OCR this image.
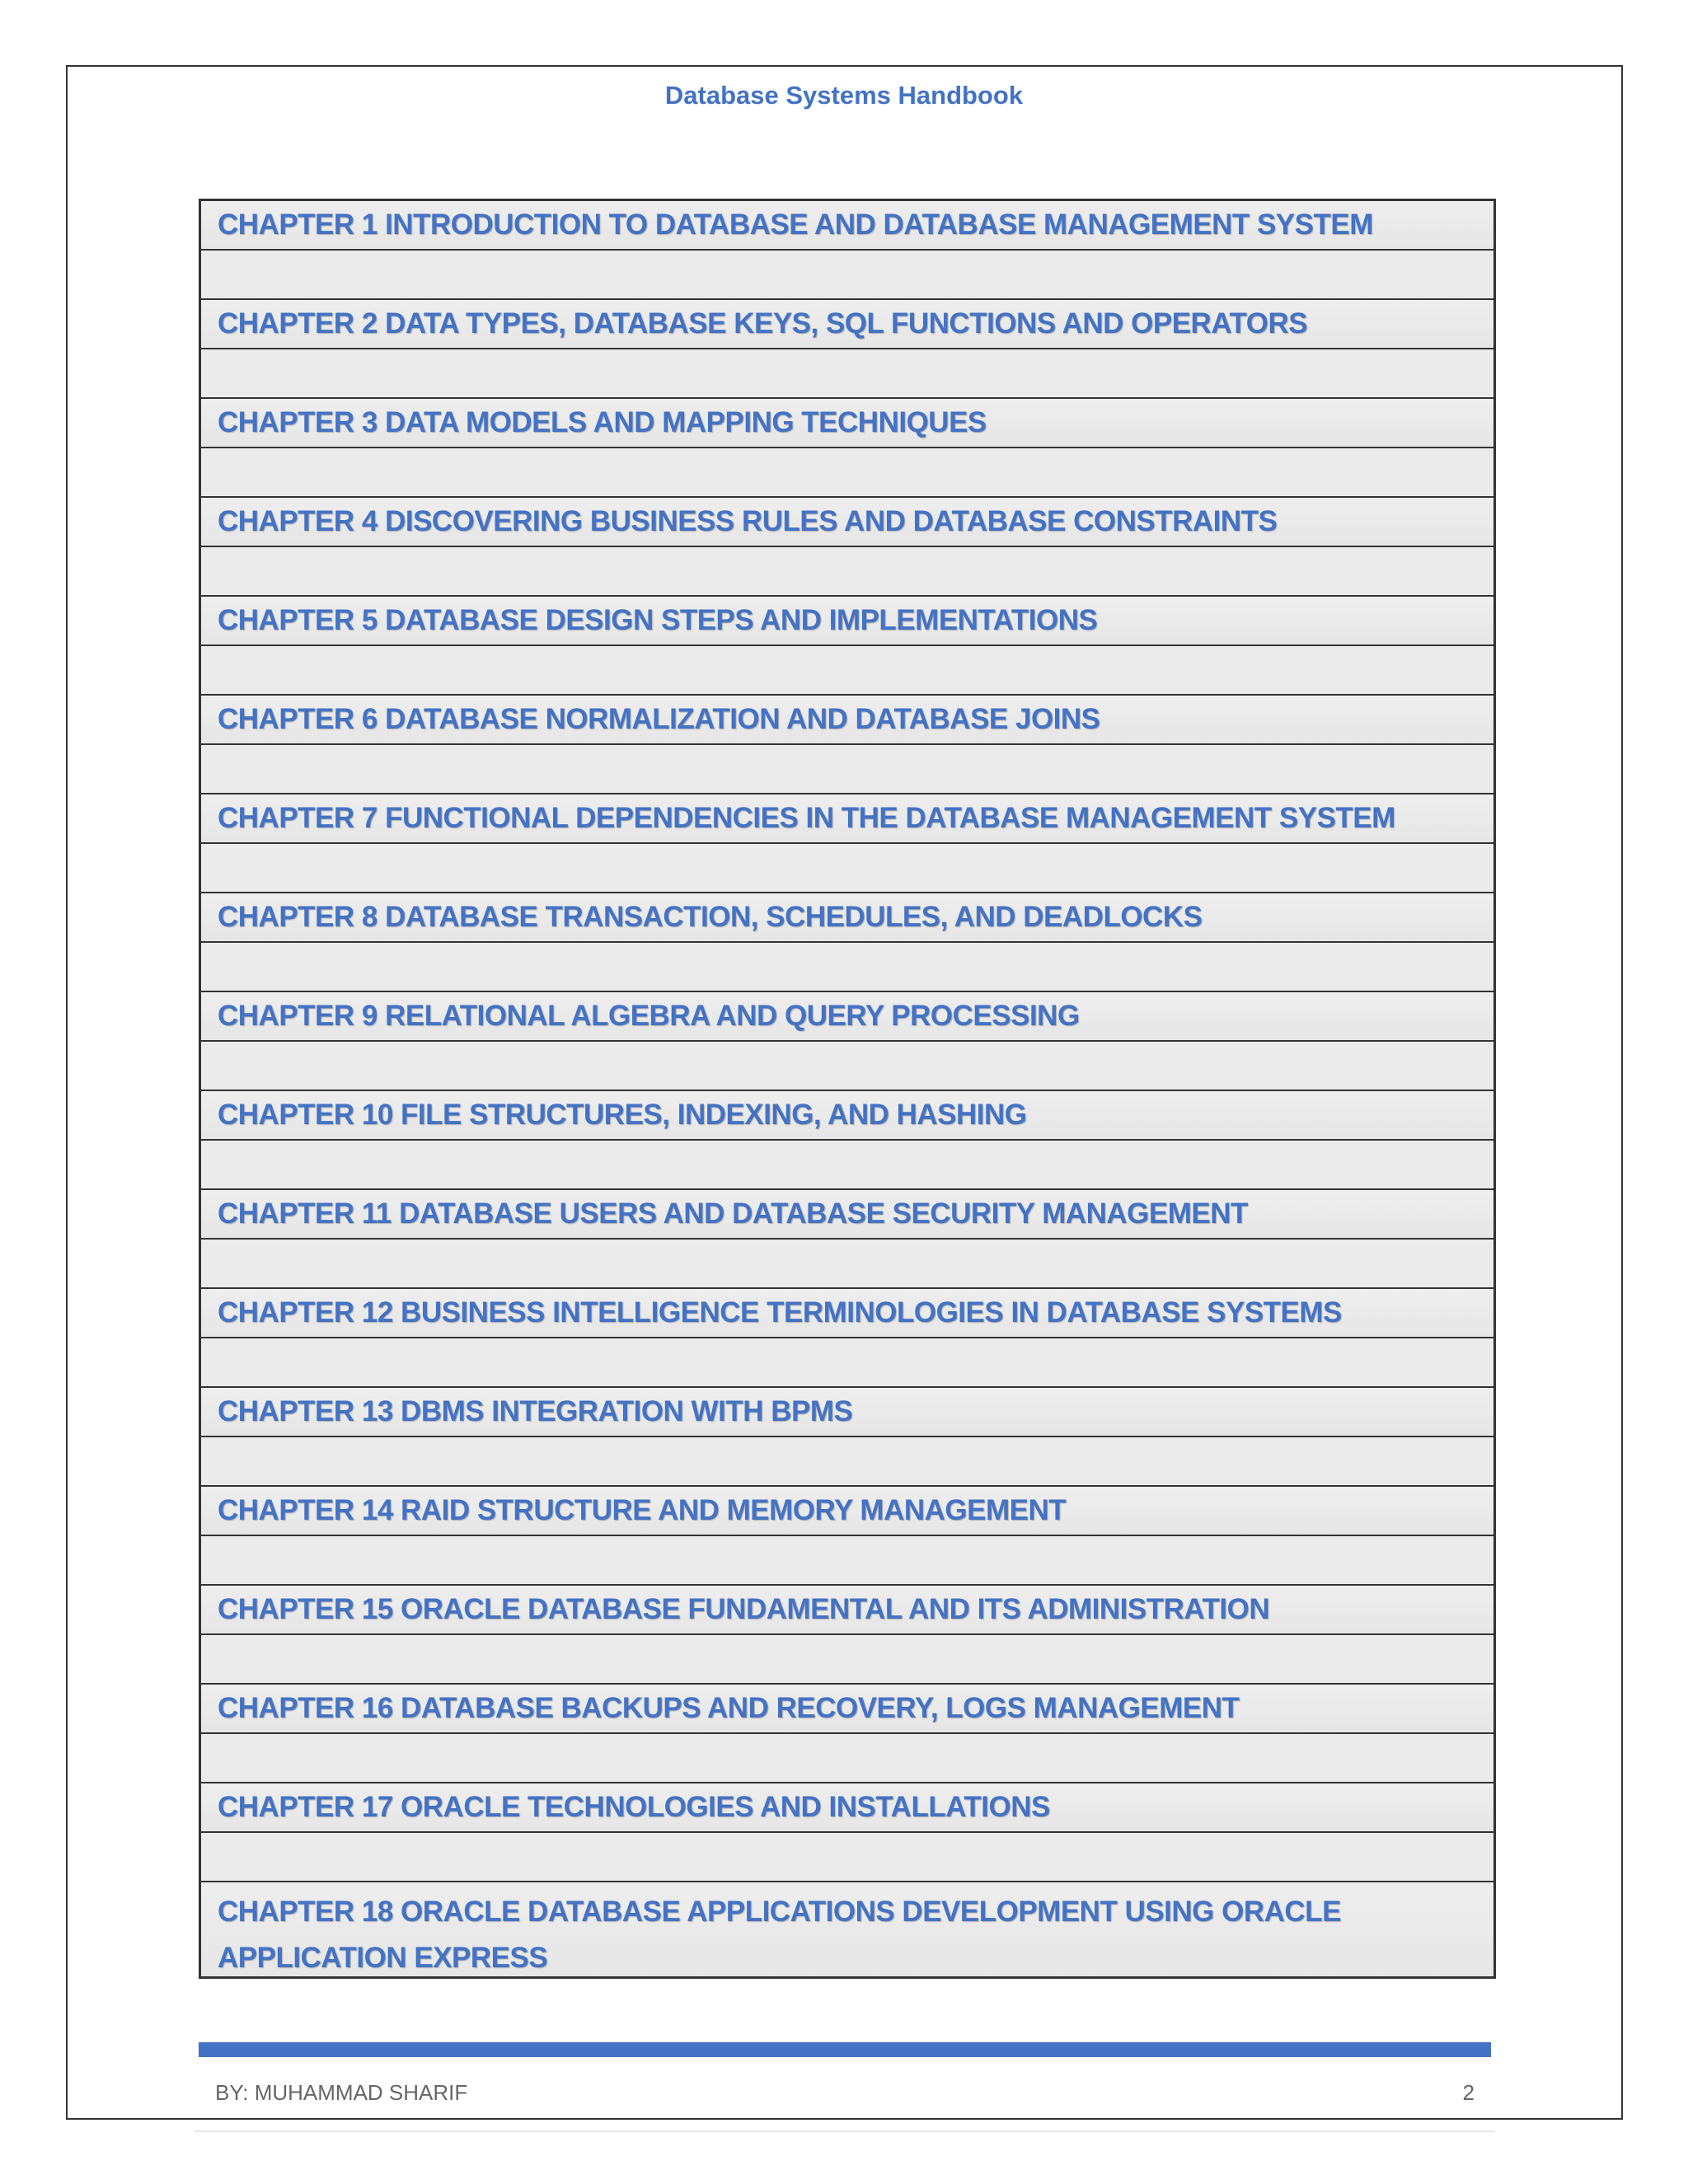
Database Systems Handbook
CHAPTER 1 INTRODUCTION TO DATABASE AND DATABASE MANAGEMENT SYSTEM
CHAPTER 2 DATA TYPES, DATABASE KEYS, SQL FUNCTIONS AND OPERATORS
CHAPTER 3 DATA MODELS AND MAPPING TECHNIQUES
CHAPTER 4 DISCOVERING BUSINESS RULES AND DATABASE CONSTRAINTS
CHAPTER 5 DATABASE DESIGN STEPS AND IMPLEMENTATIONS
CHAPTER 6 DATABASE NORMALIZATION AND DATABASE JOINS
CHAPTER 7 FUNCTIONAL DEPENDENCIES IN THE DATABASE MANAGEMENT SYSTEM
CHAPTER 8 DATABASE TRANSACTION, SCHEDULES, AND DEADLOCKS
CHAPTER 9 RELATIONAL ALGEBRA AND QUERY PROCESSING
CHAPTER 10 FILE STRUCTURES, INDEXING, AND HASHING
CHAPTER 11 DATABASE USERS AND DATABASE SECURITY MANAGEMENT
CHAPTER 12 BUSINESS INTELLIGENCE TERMINOLOGIES IN DATABASE SYSTEMS
CHAPTER 13 DBMS INTEGRATION WITH BPMS
CHAPTER 14 RAID STRUCTURE AND MEMORY MANAGEMENT
CHAPTER 15 ORACLE DATABASE FUNDAMENTAL AND ITS ADMINISTRATION
CHAPTER 16 DATABASE BACKUPS AND RECOVERY, LOGS MANAGEMENT
CHAPTER 17 ORACLE TECHNOLOGIES AND INSTALLATIONS
CHAPTER 18 ORACLE DATABASE APPLICATIONS DEVELOPMENT USING ORACLE
APPLICATION EXPRESS
BY: MUHAMMAD SHARIF	2
